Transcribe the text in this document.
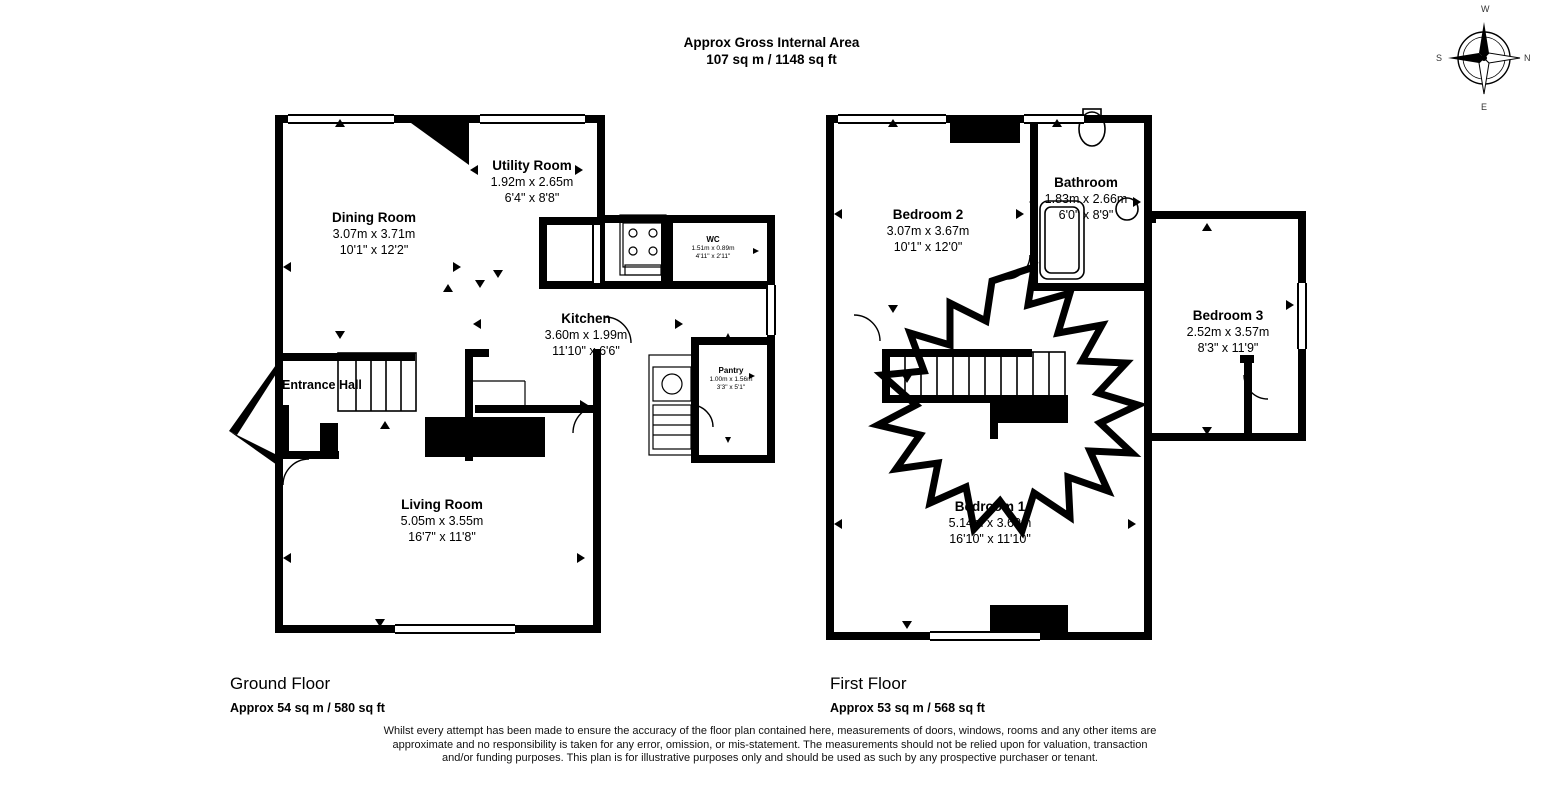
Approx Gross Internal Area
107 sq m / 1148 sq ft
W
N
E
S
Dining Room
3.07m x 3.71m
10'1" x 12'2"
Utility Room
1.92m x 2.65m
6'4" x 8'8"
WC
1.51m x 0.89m
4'11" x 2'11"
Kitchen
3.60m x 1.99m
11'10" x 6'6"
Pantry
1.00m x 1.56m
3'3" x 5'1"
Entrance Hall
Living Room
5.05m x 3.55m
16'7" x 11'8"
Bedroom 2
3.07m x 3.67m
10'1" x 12'0"
Bathroom
1.83m x 2.66m
6'0" x 8'9"
Bedroom 3
2.52m x 3.57m
8'3" x 11'9"
Bedroom 1
5.14m x 3.60m
16'10" x 11'10"
Ground Floor
Approx 54 sq m / 580 sq ft
First Floor
Approx 53 sq m / 568 sq ft
Whilst every attempt has been made to ensure the accuracy of the floor plan contained here, measurements of doors, windows, rooms and any other items are approximate and no responsibility is taken for any error, omission, or mis-statement. The measurements should not be relied upon for valuation, transaction and/or funding purposes. This plan is for illustrative purposes only and should be used as such by any prospective purchaser or tenant.
